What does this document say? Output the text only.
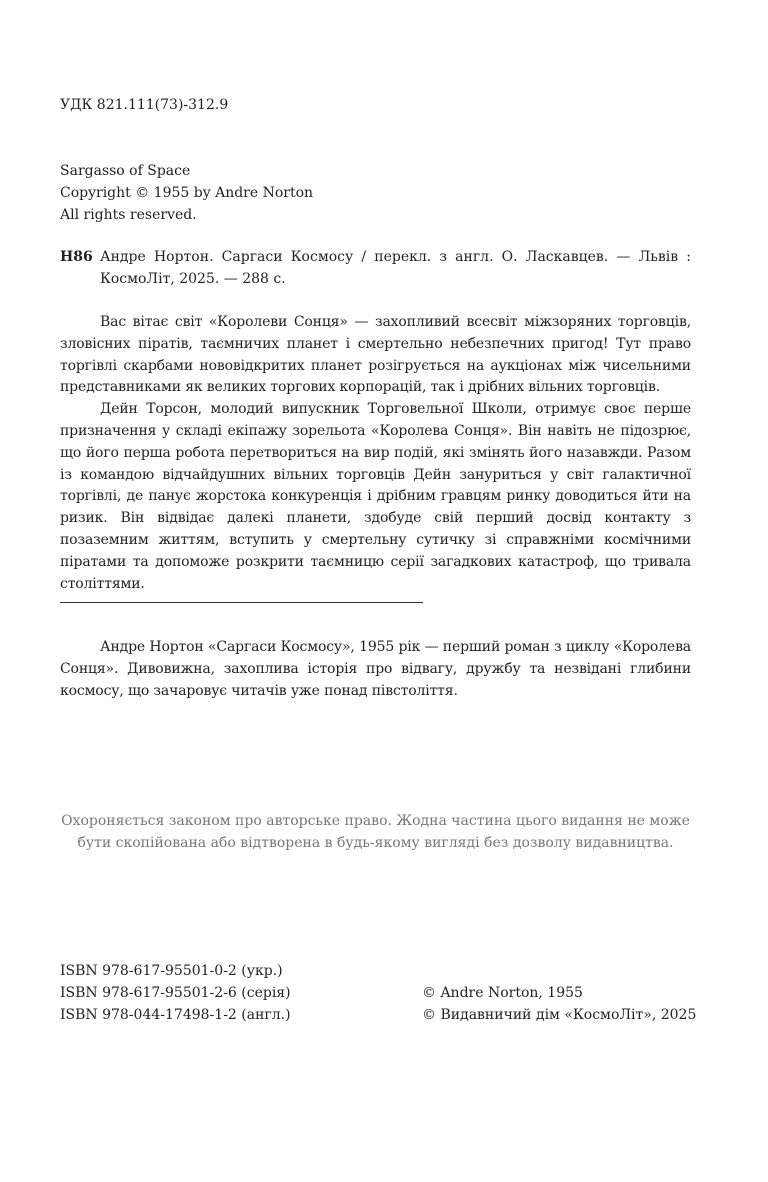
УДК 821.111(73)-312.9
Sargasso of Space
Copyright © 1955 by Andre Norton
All rights reserved.
Н86 Андре Нортон. Саргаси Космосу / перекл. з англ. О. Ласкавцев. — Львів : КосмоЛіт, 2025. — 288 с.

Вас вітає світ «Королеви Сонця» — захопливий всесвіт міжзоряних торговців, зловісних піратів, таємничих планет і смертельно небезпечних пригод! Тут право торгівлі скарбами нововідкритих планет розігрується на аукціонах між чисельними представниками як великих торгових корпорацій, так і дрібних вільних торговців.

Дейн Торсон, молодий випускник Торговельної Школи, отримує своє перше призначення у складі екіпажу зорельота «Королева Сонця». Він навіть не підозрює, що його перша робота перетвориться на вир подій, які змінять його назавжди. Разом із командою відчайдушних вільних торговців Дейн зануриться у світ галактичної торгівлі, де панує жорстока конкуренція і дрібним гравцям ринку доводиться йти на ризик. Він відвідає далекі планети, здобуде свій перший досвід контакту з позаземним життям, вступить у смертельну сутичку зі справжніми космічними піратами та допоможе розкрити таємницю серії загадкових катастроф, що тривала століттями.

Андре Нортон «Саргаси Космосу», 1955 рік — перший роман з циклу «Королева Сонця». Дивовижна, захоплива історія про відвагу, дружбу та незвідані глибини космосу, що зачаровує читачів уже понад півстоліття.

Охороняється законом про авторське право. Жодна частина цього видання не може бути скопійована або відтворена в будь-якому вигляді без дозволу видавництва.
ISBN 978-617-95501-0-2 (укр.)
ISBN 978-617-95501-2-6 (серія)
ISBN 978-044-17498-1-2 (англ.)
© Andre Norton, 1955
© Видавничий дім «КосмоЛіт», 2025
